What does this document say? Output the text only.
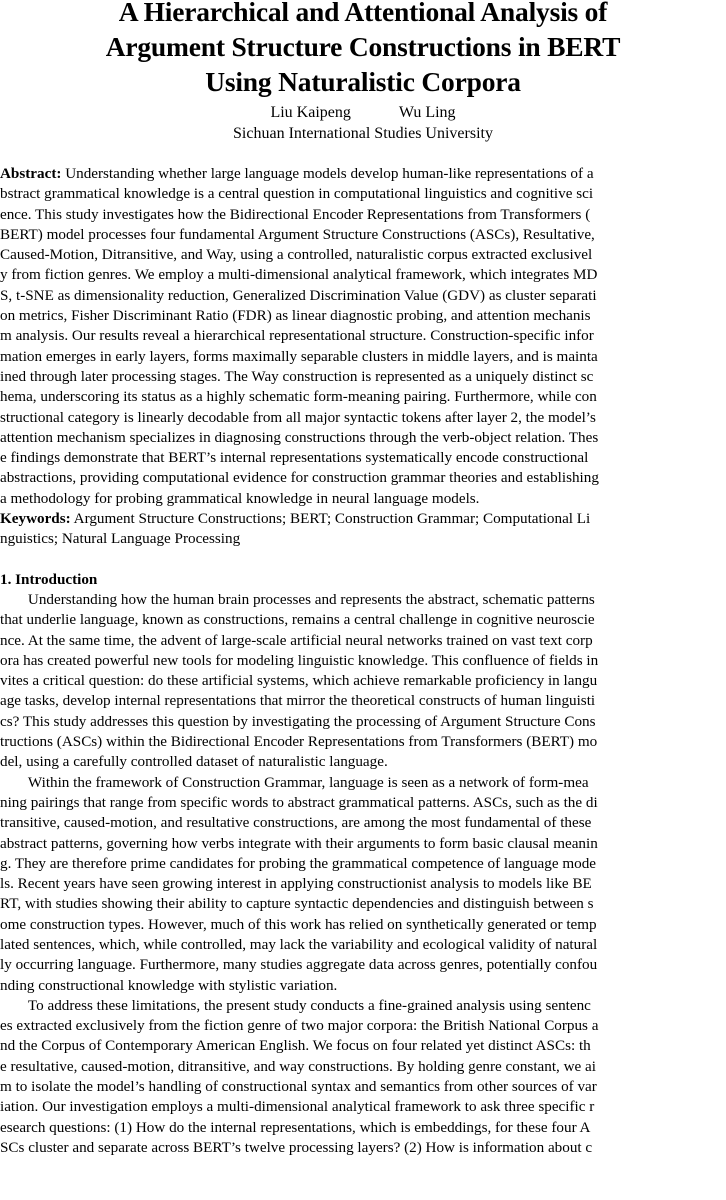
A Hierarchical and Attentional Analysis of
Argument Structure Constructions in BERT
Using Naturalistic Corpora
Liu Kaipeng	Wu Ling
Sichuan International Studies University

Abstract: Understanding whether large language models develop human-like representations of a

bstract grammatical knowledge is a central question in computational linguistics and cognitive sci

ence. This study investigates how the Bidirectional Encoder Representations from Transformers (

BERT) model processes four fundamental Argument Structure Constructions (ASCs), Resultative,

Caused-Motion, Ditransitive, and Way, using a controlled, naturalistic corpus extracted exclusivel

y from fiction genres. We employ a multi-dimensional analytical framework, which integrates MD

S, t-SNE as dimensionality reduction, Generalized Discrimination Value (GDV) as cluster separati

on metrics, Fisher Discriminant Ratio (FDR) as linear diagnostic probing, and attention mechanis

m analysis. Our results reveal a hierarchical representational structure. Construction-specific infor

mation emerges in early layers, forms maximally separable clusters in middle layers, and is mainta

ined through later processing stages. The Way construction is represented as a uniquely distinct sc

hema, underscoring its status as a highly schematic form-meaning pairing. Furthermore, while con

structional category is linearly decodable from all major syntactic tokens after layer 2, the model’s

attention mechanism specializes in diagnosing constructions through the verb-object relation. Thes

e findings demonstrate that BERT’s internal representations systematically encode constructional

abstractions, providing computational evidence for construction grammar theories and establishing

a methodology for probing grammatical knowledge in neural language models.

Keywords: Argument Structure Constructions; BERT; Construction Grammar; Computational Li

nguistics; Natural Language Processing

1. Introduction

Understanding how the human brain processes and represents the abstract, schematic patterns

that underlie language, known as constructions, remains a central challenge in cognitive neuroscie

nce. At the same time, the advent of large-scale artificial neural networks trained on vast text corp

ora has created powerful new tools for modeling linguistic knowledge. This confluence of fields in

vites a critical question: do these artificial systems, which achieve remarkable proficiency in langu

age tasks, develop internal representations that mirror the theoretical constructs of human linguisti

cs? This study addresses this question by investigating the processing of Argument Structure Cons

tructions (ASCs) within the Bidirectional Encoder Representations from Transformers (BERT) mo

del, using a carefully controlled dataset of naturalistic language.

Within the framework of Construction Grammar, language is seen as a network of form-mea

ning pairings that range from specific words to abstract grammatical patterns. ASCs, such as the di

transitive, caused-motion, and resultative constructions, are among the most fundamental of these

abstract patterns, governing how verbs integrate with their arguments to form basic clausal meanin

g. They are therefore prime candidates for probing the grammatical competence of language mode

ls. Recent years have seen growing interest in applying constructionist analysis to models like BE

RT, with studies showing their ability to capture syntactic dependencies and distinguish between s

ome construction types. However, much of this work has relied on synthetically generated or temp

lated sentences, which, while controlled, may lack the variability and ecological validity of natural

ly occurring language. Furthermore, many studies aggregate data across genres, potentially confou

nding constructional knowledge with stylistic variation.

To address these limitations, the present study conducts a fine-grained analysis using sentenc

es extracted exclusively from the fiction genre of two major corpora: the British National Corpus a

nd the Corpus of Contemporary American English. We focus on four related yet distinct ASCs: th

e resultative, caused-motion, ditransitive, and way constructions. By holding genre constant, we ai

m to isolate the model’s handling of constructional syntax and semantics from other sources of var

iation. Our investigation employs a multi-dimensional analytical framework to ask three specific r

esearch questions: (1) How do the internal representations, which is embeddings, for these four A

SCs cluster and separate across BERT’s twelve processing layers? (2) How is information about c
